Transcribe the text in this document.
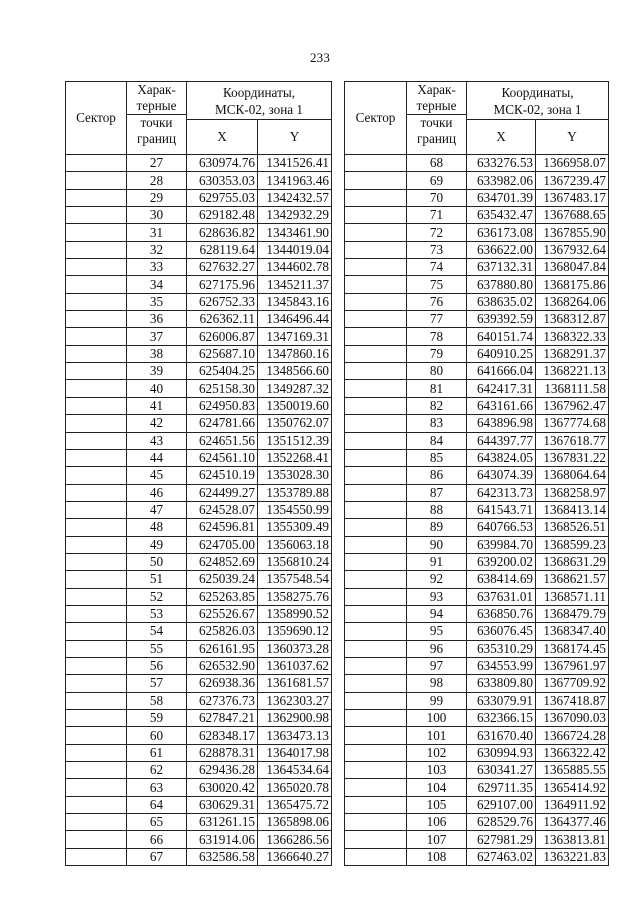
233
Сектор	Харак-
терные
точки
границ	Координаты,
МСК-02, зона 1	

		X	Y
	27	630974.76	1341526.41
	28	630353.03	1341963.46
	29	629755.03	1342432.57
	30	629182.48	1342932.29
	31	628636.82	1343461.90
	32	628119.64	1344019.04
	33	627632.27	1344602.78
	34	627175.96	1345211.37
	35	626752.33	1345843.16
	36	626362.11	1346496.44
	37	626006.87	1347169.31
	38	625687.10	1347860.16
	39	625404.25	1348566.60
	40	625158.30	1349287.32
	41	624950.83	1350019.60
	42	624781.66	1350762.07
	43	624651.56	1351512.39
	44	624561.10	1352268.41
	45	624510.19	1353028.30
	46	624499.27	1353789.88
	47	624528.07	1354550.99
	48	624596.81	1355309.49
	49	624705.00	1356063.18
	50	624852.69	1356810.24
	51	625039.24	1357548.54
	52	625263.85	1358275.76
	53	625526.67	1358990.52
	54	625826.03	1359690.12
	55	626161.95	1360373.28
	56	626532.90	1361037.62
	57	626938.36	1361681.57
	58	627376.73	1362303.27
	59	627847.21	1362900.98
	60	628348.17	1363473.13
	61	628878.31	1364017.98
	62	629436.28	1364534.64
	63	630020.42	1365020.78
	64	630629.31	1365475.72
	65	631261.15	1365898.06
	66	631914.06	1366286.56
	67	632586.58	1366640.27
Сектор	Харак-
терные
точки
границ	Координаты,
МСК-02, зона 1	

		X	Y
	68	633276.53	1366958.07
	69	633982.06	1367239.47
	70	634701.39	1367483.17
	71	635432.47	1367688.65
	72	636173.08	1367855.90
	73	636622.00	1367932.64
	74	637132.31	1368047.84
	75	637880.80	1368175.86
	76	638635.02	1368264.06
	77	639392.59	1368312.87
	78	640151.74	1368322.33
	79	640910.25	1368291.37
	80	641666.04	1368221.13
	81	642417.31	1368111.58
	82	643161.66	1367962.47
	83	643896.98	1367774.68
	84	644397.77	1367618.77
	85	643824.05	1367831.22
	86	643074.39	1368064.64
	87	642313.73	1368258.97
	88	641543.71	1368413.14
	89	640766.53	1368526.51
	90	639984.70	1368599.23
	91	639200.02	1368631.29
	92	638414.69	1368621.57
	93	637631.01	1368571.11
	94	636850.76	1368479.79
	95	636076.45	1368347.40
	96	635310.29	1368174.45
	97	634553.99	1367961.97
	98	633809.80	1367709.92
	99	633079.91	1367418.87
	100	632366.15	1367090.03
	101	631670.40	1366724.28
	102	630994.93	1366322.42
	103	630341.27	1365885.55
	104	629711.35	1365414.92
	105	629107.00	1364911.92
	106	628529.76	1364377.46
	107	627981.29	1363813.81
	108	627463.02	1363221.83
